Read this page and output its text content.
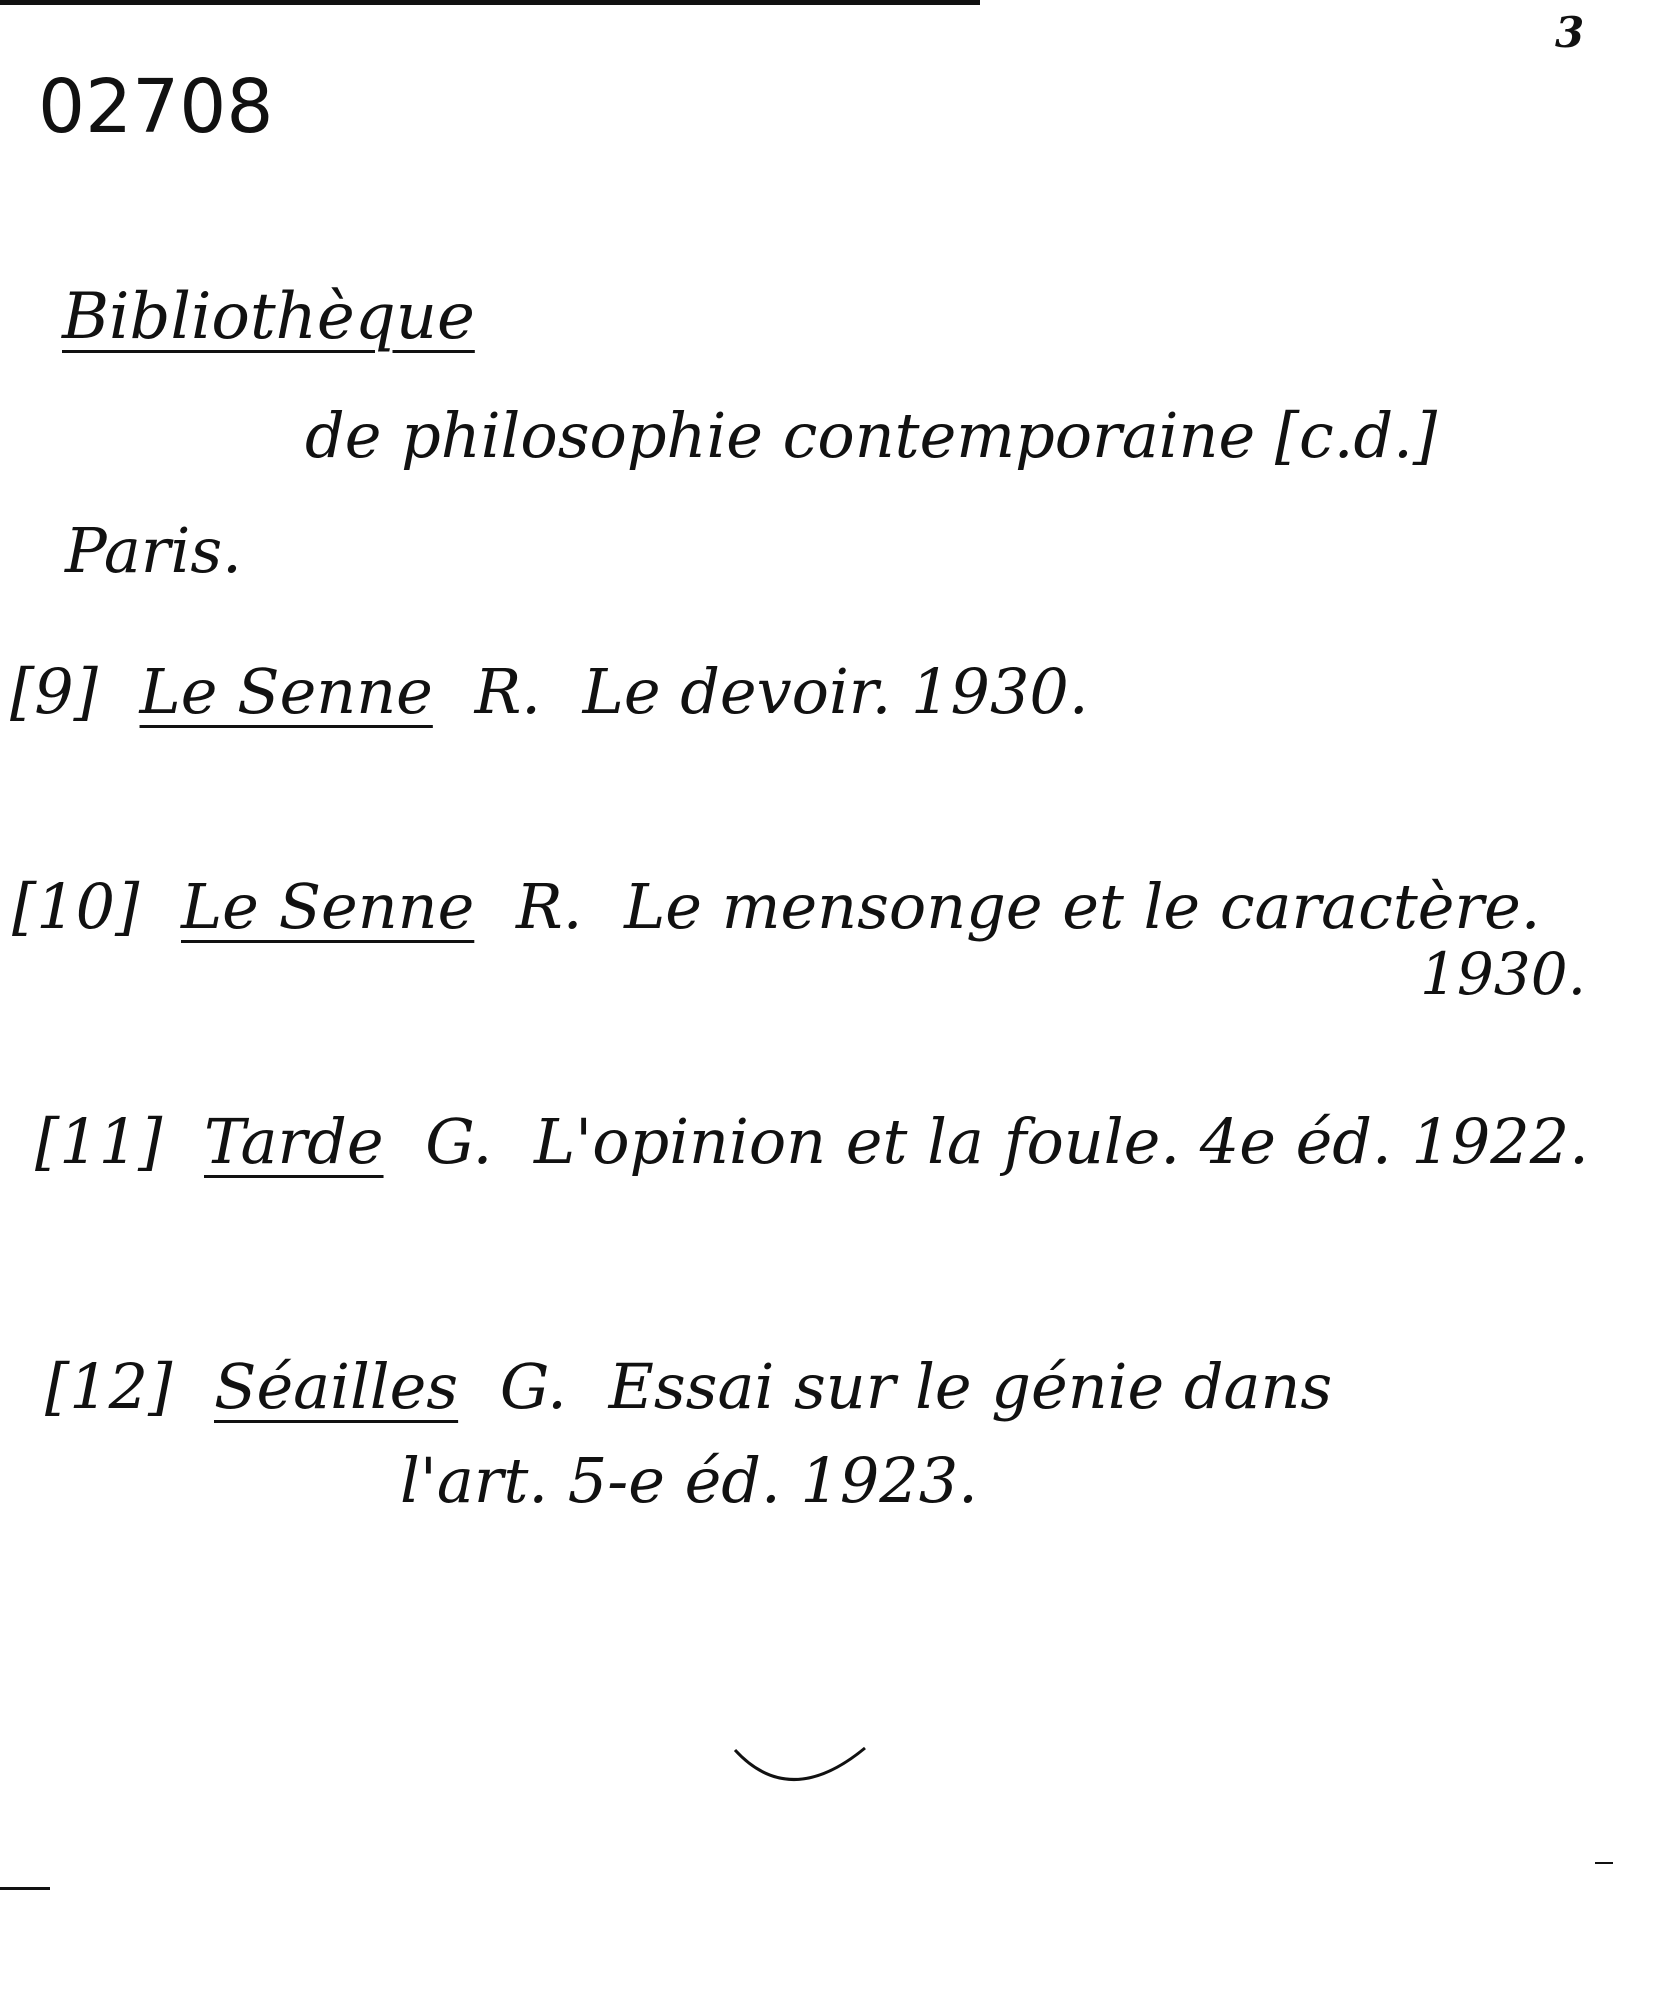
3
02708
Bibliothèque
de philosophie contemporaine [c.d.]
Paris.
[9] Le Senne R. Le devoir. 1930.
[10] Le Senne R. Le mensonge et le caractère.
1930.
[11] Tarde G. L'opinion et la foule. 4e éd. 1922.
[12] Séailles G. Essai sur le génie dans
l'art. 5-e éd. 1923.
